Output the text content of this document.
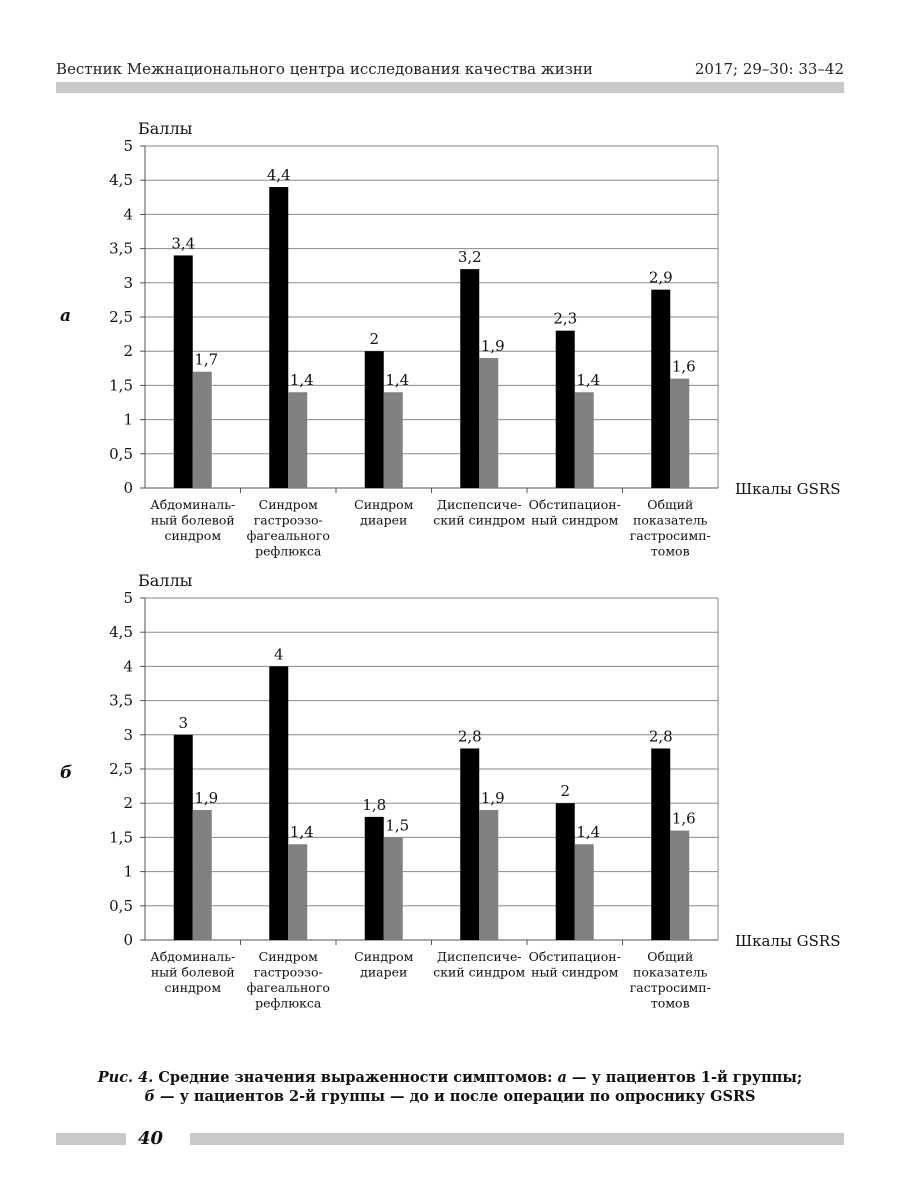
Вестник Межнационального центра исследования качества жизни	2017; 29–30: 33–42
Баллы
а
0
0,5
1
1,5
2
2,5
3
3,5
4
4,5
5
3,4
1,7
Абдоминаль-
ный болевой
синдром
4,4
1,4
Синдром
гастроэзо-
фагеального
рефлюкса
2
1,4
Синдром
диареи
3,2
1,9
Диспепсиче-
ский синдром
2,3
1,4
Обстипацион-
ный синдром
2,9
1,6
Общий
показатель
гастросимп-
томов
Шкалы GSRS
Баллы
б
0
0,5
1
1,5
2
2,5
3
3,5
4
4,5
5
3
1,9
Абдоминаль-
ный болевой
синдром
4
1,4
Синдром
гастроэзо-
фагеального
рефлюкса
1,8
1,5
Синдром
диареи
2,8
1,9
Диспепсиче-
ский синдром
2
1,4
Обстипацион-
ный синдром
2,8
1,6
Общий
показатель
гастросимп-
томов
Шкалы GSRS
Рис. 4. Средние значения выраженности симптомов: а — у пациентов 1-й группы;
б — у пациентов 2-й группы — до и после операции по опроснику GSRS
40
